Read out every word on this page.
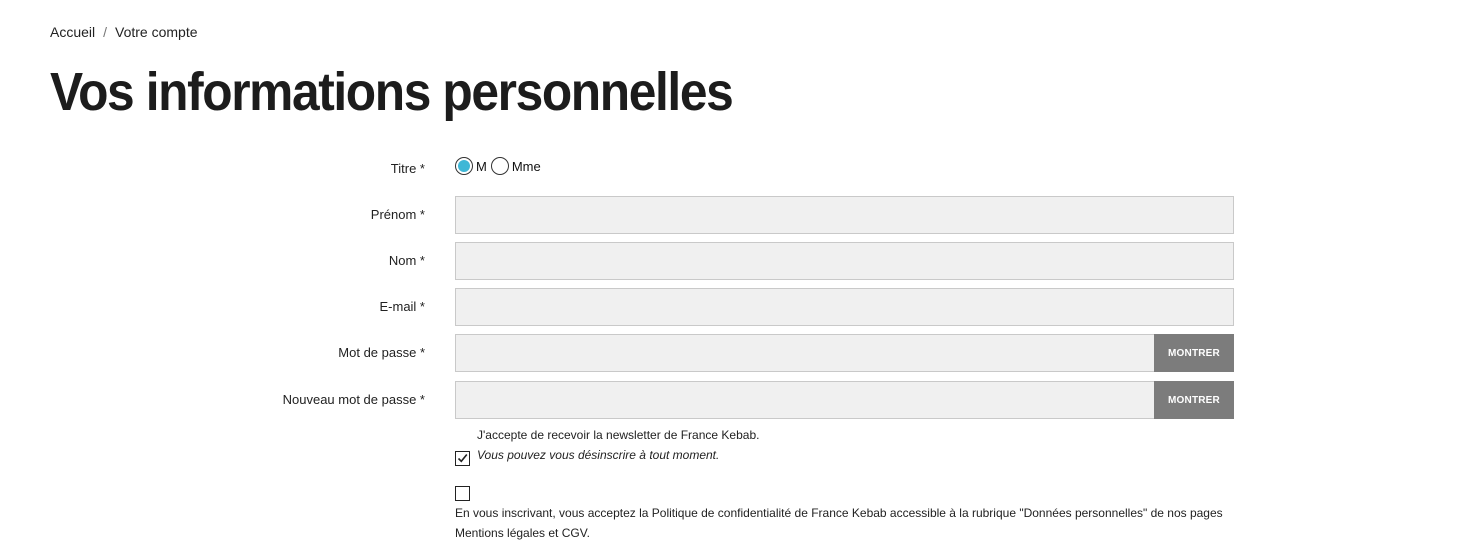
Accueil / Votre compte
Vos informations personnelles
Titre *	M Mme
Prénom *
Nom *
E-mail *
Mot de passe *	MONTRER
Nouveau mot de passe *	MONTRER
J'accepte de recevoir la newsletter de France Kebab.
Vous pouvez vous désinscrire à tout moment.
En vous inscrivant, vous acceptez la Politique de confidentialité de France Kebab accessible à la rubrique "Données personnelles" de nos pages Mentions légales et CGV.
